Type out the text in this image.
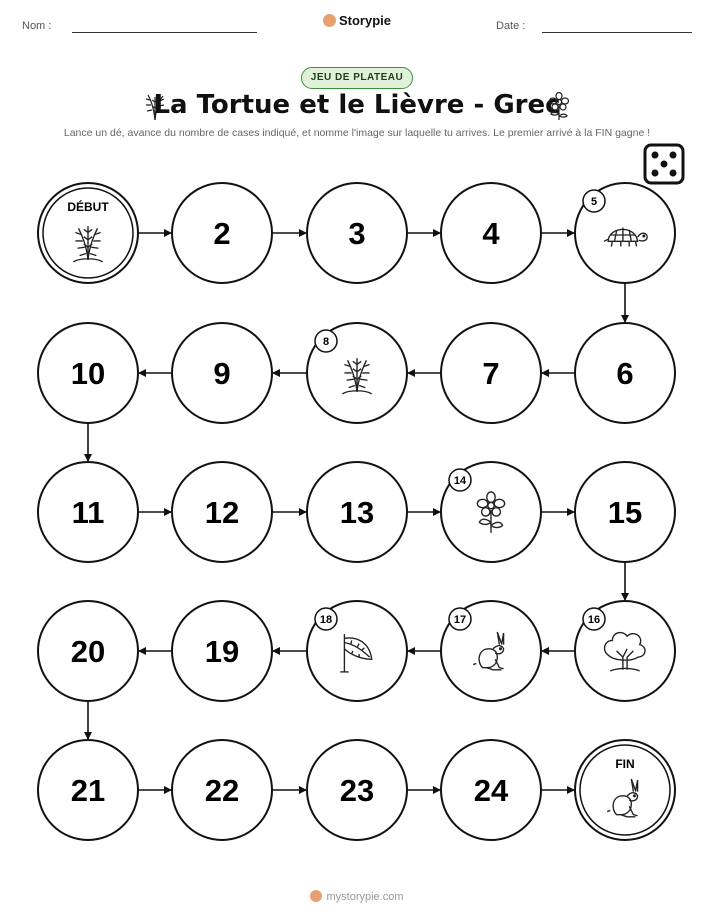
Nom :	Storypie	Date :
JEU DE PLATEAU
La Tortue et le Lièvre - Grec
Lance un dé, avance du nombre de cases indiqué, et nomme l'image sur laquelle tu arrives. Le premier arrivé à la FIN gagne !
DÉBUT
2	3	4
5
6
7
8
9
10
11	12	13
14
15
16
17
18
19
20
21	22	23	24
FIN
mystorypie.com
